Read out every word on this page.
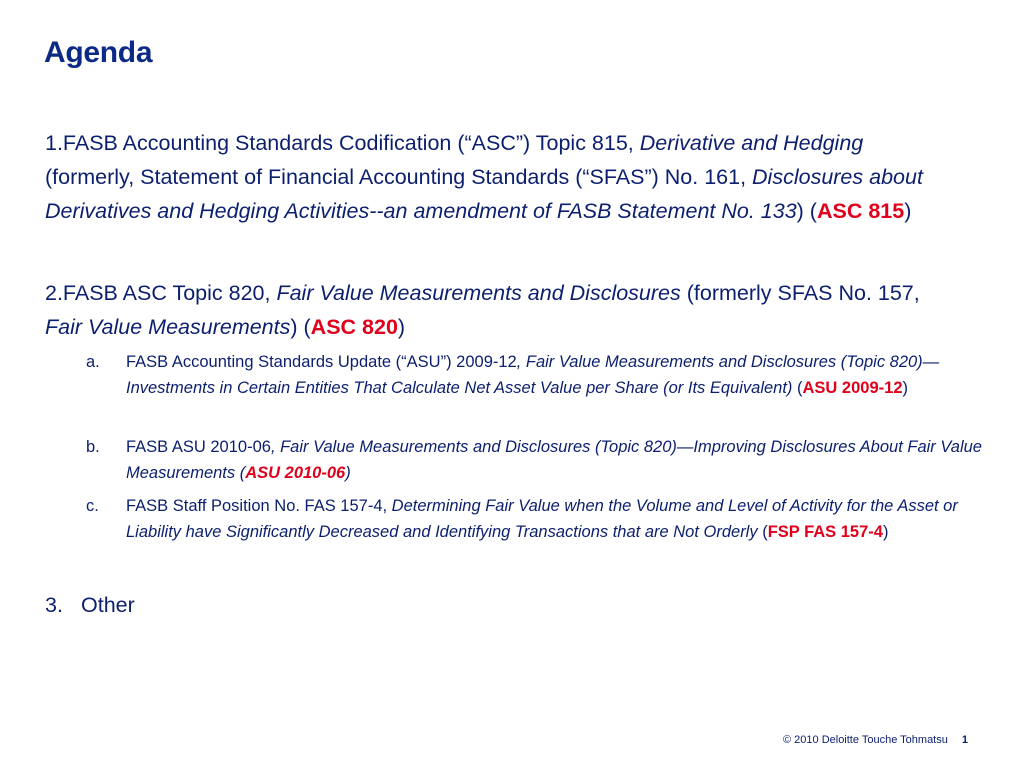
Agenda

1.FASB Accounting Standards Codification (“ASC”) Topic 815, Derivative and Hedging (formerly, Statement of Financial Accounting Standards (“SFAS”) No. 161, Disclosures about Derivatives and Hedging Activities--an amendment of FASB Statement No. 133) (ASC 815)

2.FASB ASC Topic 820, Fair Value Measurements and Disclosures (formerly SFAS No. 157, Fair Value Measurements) (ASC 820)

a.	FASB Accounting Standards Update (“ASU”) 2009-12, Fair Value Measurements and Disclosures (Topic 820)—Investments in Certain Entities That Calculate Net Asset Value per Share (or Its Equivalent) (ASU 2009-12)
b.	FASB ASU 2010-06, Fair Value Measurements and Disclosures (Topic 820)—Improving Disclosures About Fair Value Measurements (ASU 2010-06)
c.	FASB Staff Position No. FAS 157-4, Determining Fair Value when the Volume and Level of Activity for the Asset or Liability have Significantly Decreased and Identifying Transactions that are Not Orderly (FSP FAS 157-4)

3. Other

© 2010 Deloitte Touche Tohmatsu 1
